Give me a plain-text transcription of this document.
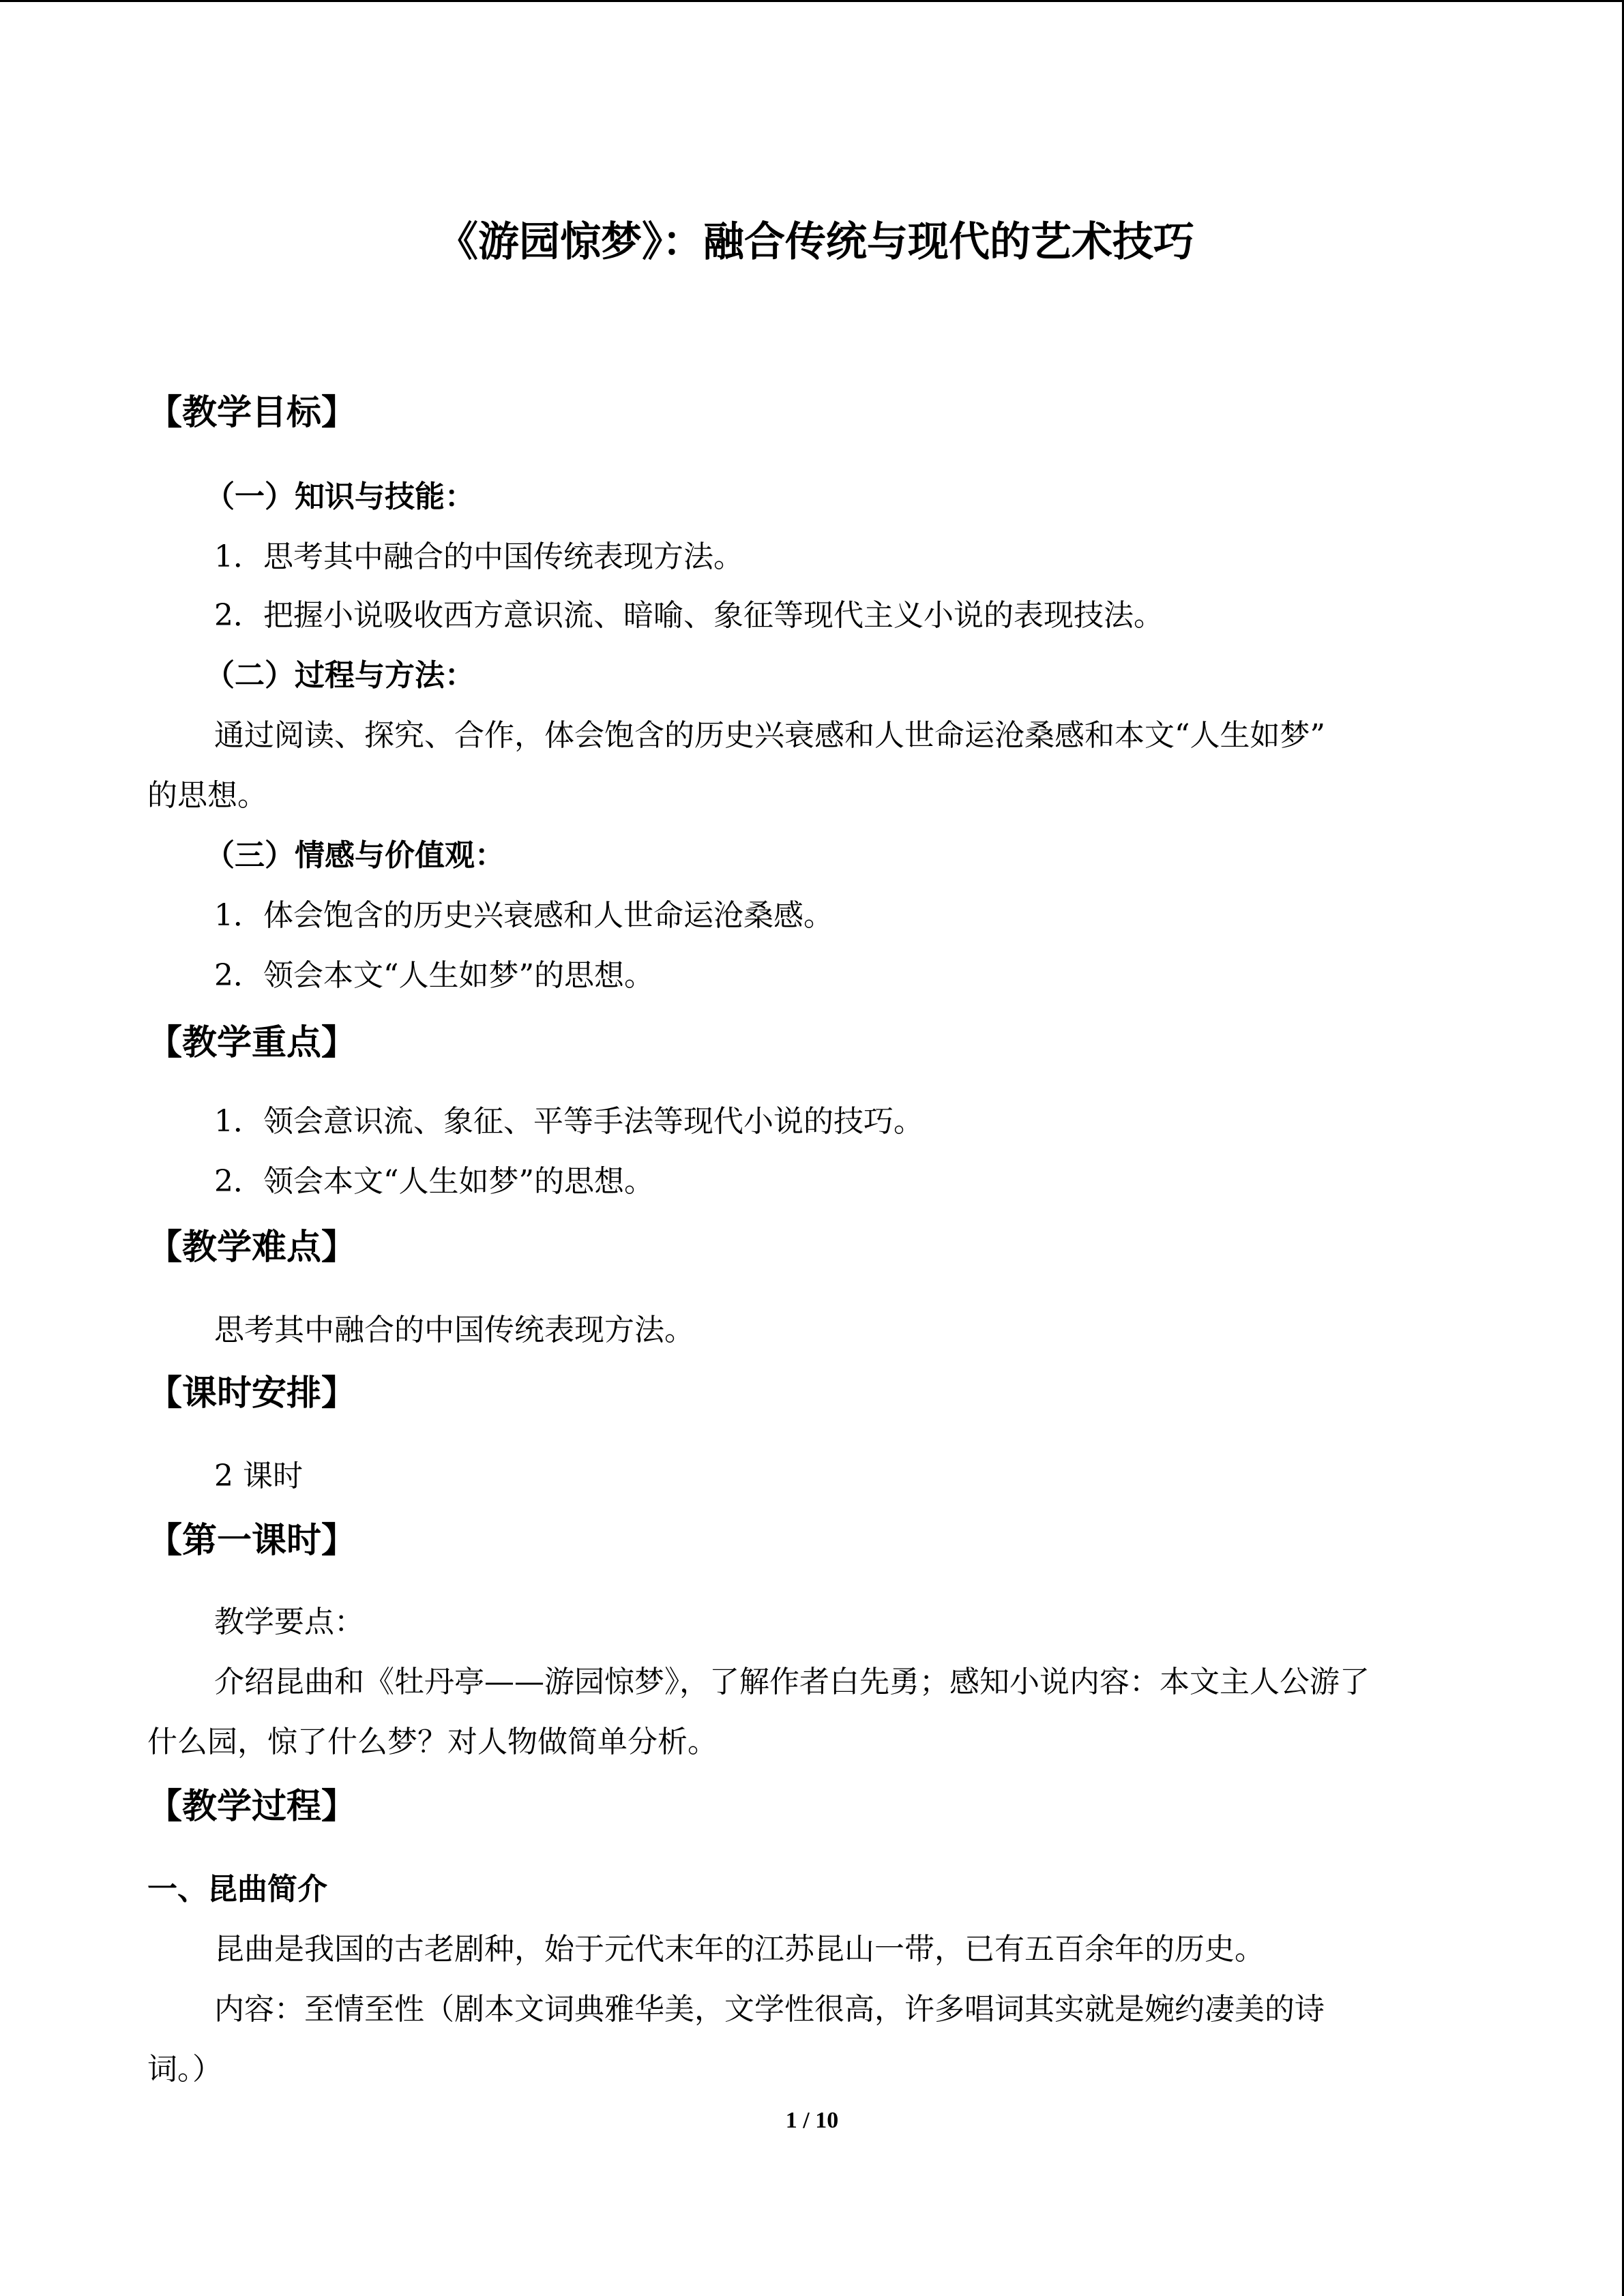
《游园惊梦》：融合传统与现代的艺术技巧

【教学目标】

（一）知识与技能：

1．思考其中融合的中国传统表现方法。

2．把握小说吸收西方意识流、暗喻、象征等现代主义小说的表现技法。

（二）过程与方法：

通过阅读、探究、合作，体会饱含的历史兴衰感和人世命运沧桑感和本文“人生如梦”

的思想。

（三）情感与价值观：

1．体会饱含的历史兴衰感和人世命运沧桑感。

2．领会本文“人生如梦”的思想。

【教学重点】

1．领会意识流、象征、平等手法等现代小说的技巧。

2．领会本文“人生如梦”的思想。

【教学难点】

思考其中融合的中国传统表现方法。

【课时安排】

2 课时

【第一课时】

教学要点：

介绍昆曲和《牡丹亭——游园惊梦》，了解作者白先勇；感知小说内容：本文主人公游了

什么园，惊了什么梦？对人物做简单分析。

【教学过程】

一、昆曲简介

昆曲是我国的古老剧种，始于元代末年的江苏昆山一带，已有五百余年的历史。

内容：至情至性（剧本文词典雅华美，文学性很高，许多唱词其实就是婉约凄美的诗

词。）

1 / 10
